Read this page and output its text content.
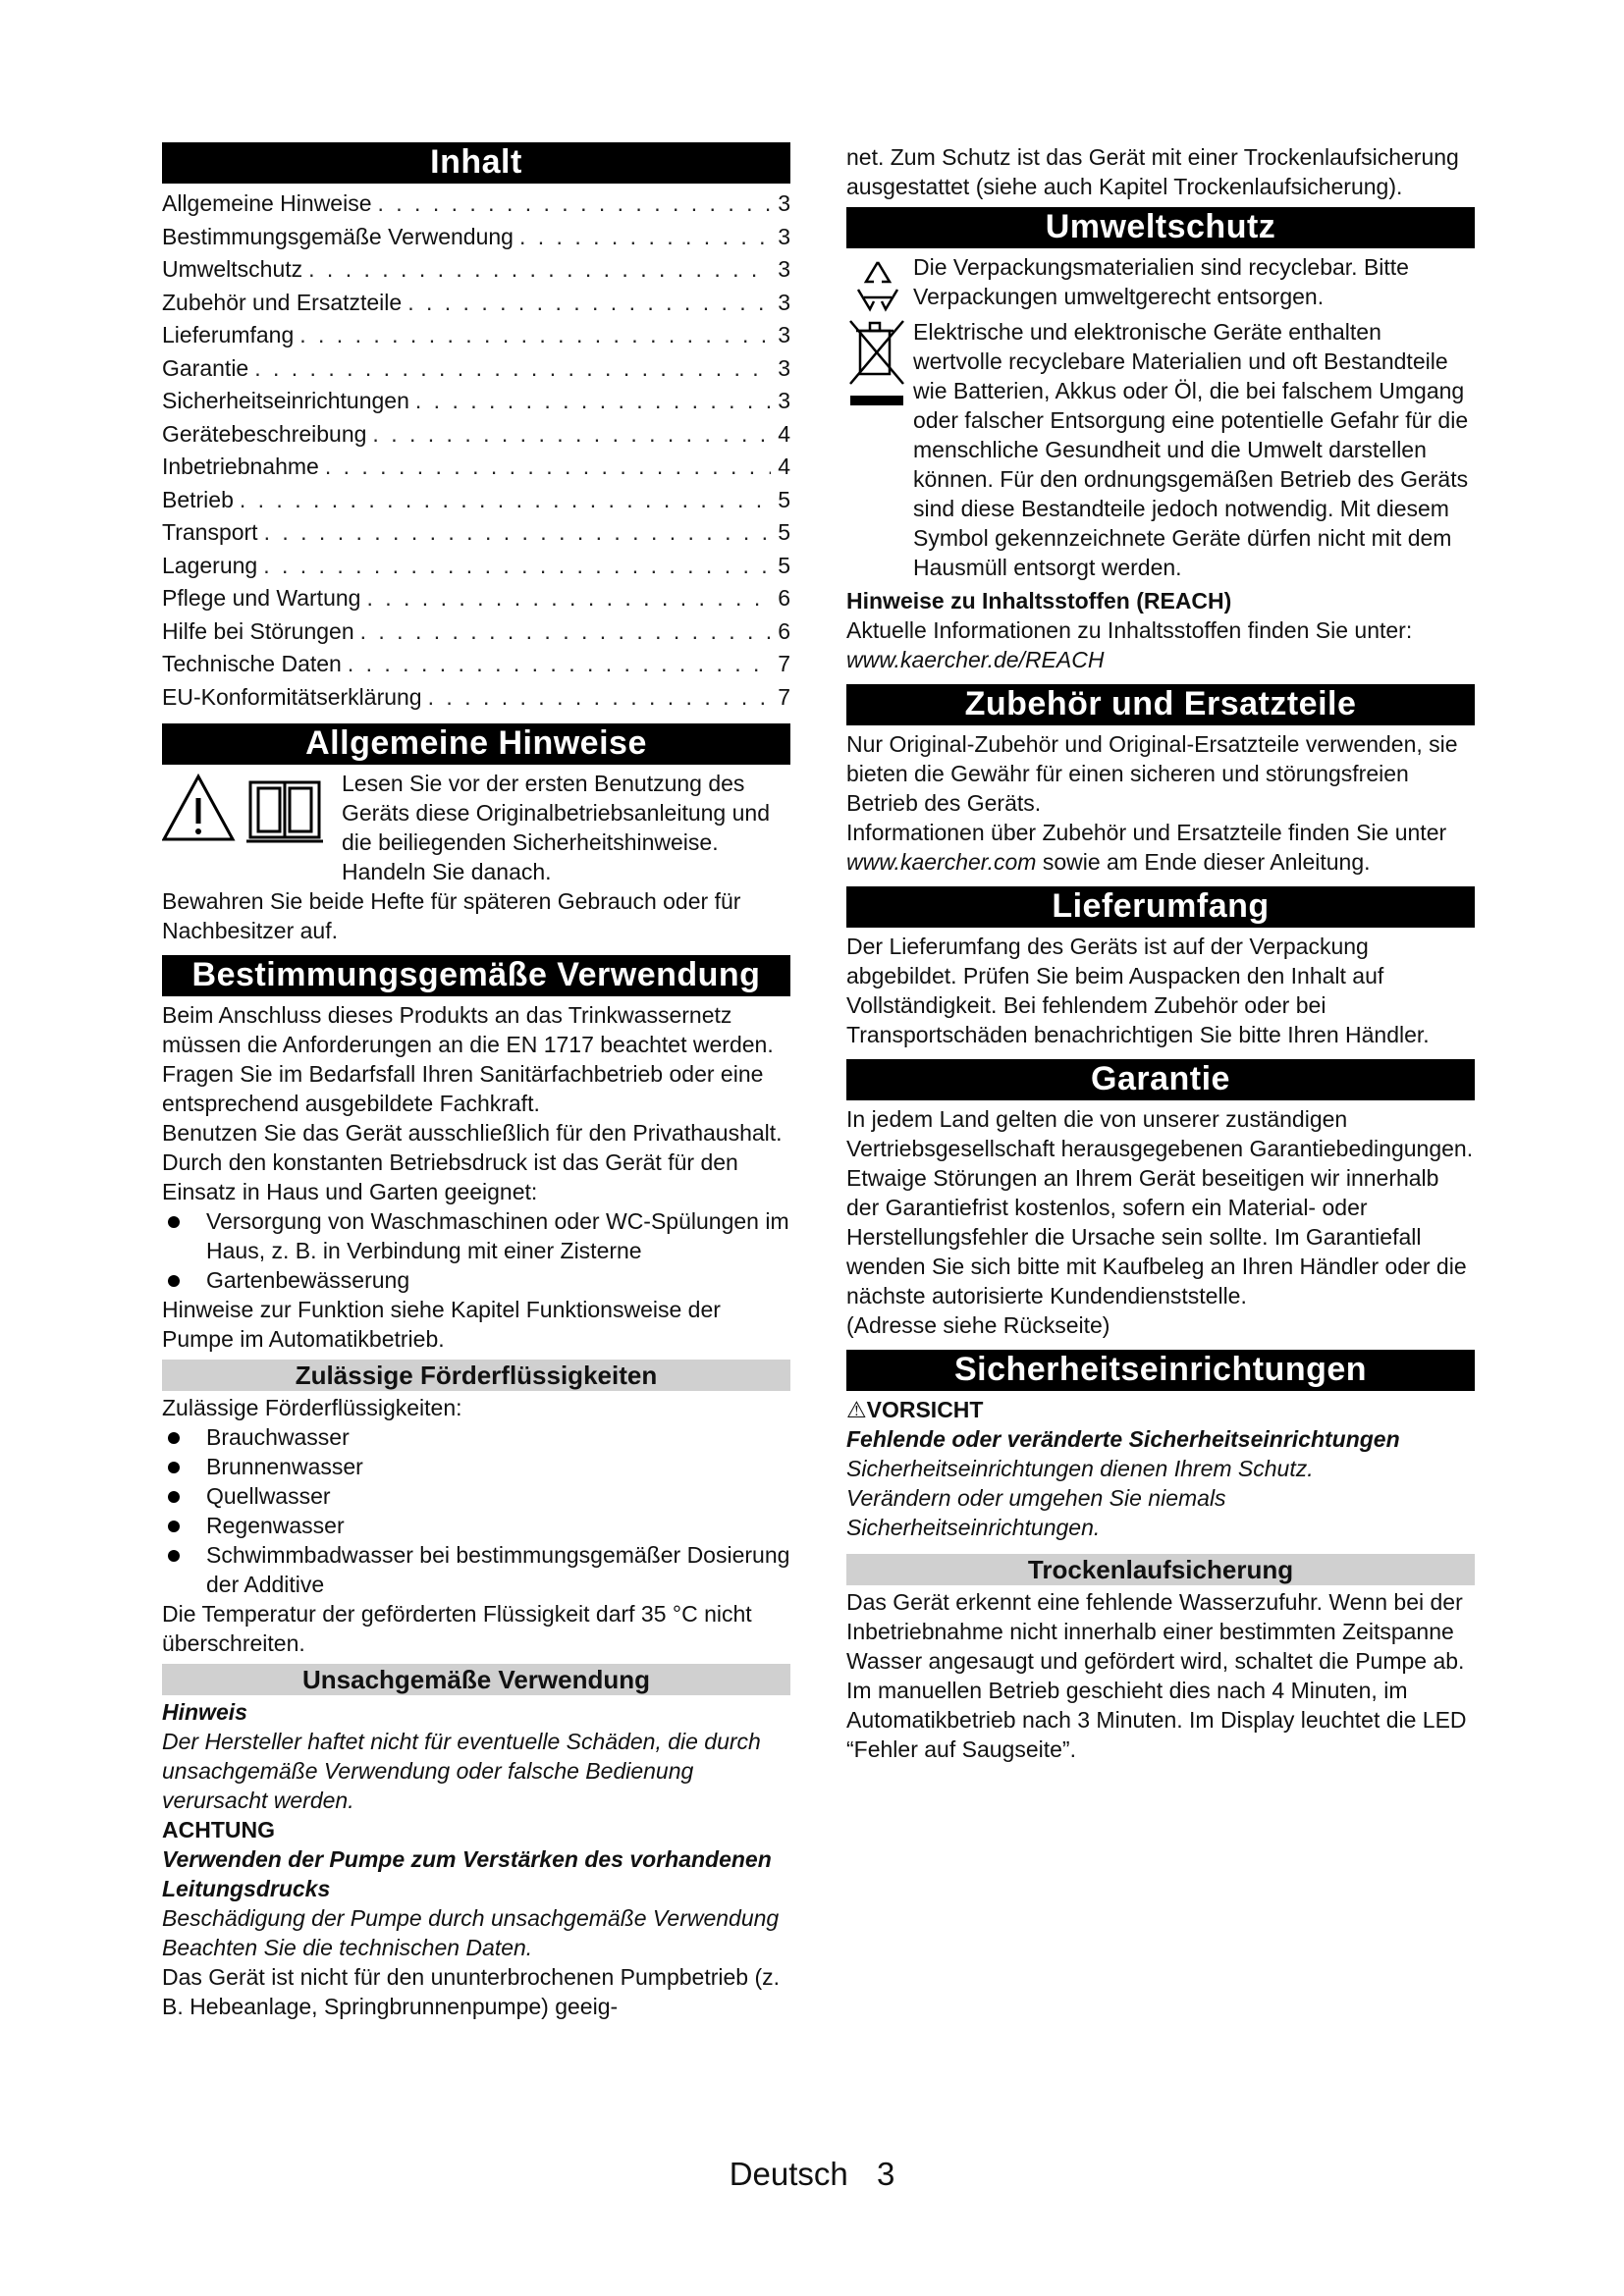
Inhalt
Allgemeine Hinweise . . .	3
Bestimmungsgemäße Verwendung . . .	3
Umweltschutz . . .	3
Zubehör und Ersatzteile . . .	3
Lieferumfang . . .	3
Garantie . . .	3
Sicherheitseinrichtungen . . .	3
Gerätebeschreibung . . .	4
Inbetriebnahme . . .	4
Betrieb . . .	5
Transport . . .	5
Lagerung . . .	5
Pflege und Wartung . . .	6
Hilfe bei Störungen . . .	6
Technische Daten . . .	7
EU-Konformitätserklärung . . .	7
Allgemeine Hinweise

Lesen Sie vor der ersten Benutzung des Geräts diese Originalbetriebsanleitung und die beiliegenden Sicherheitshinweise. Handeln Sie danach.

Bewahren Sie beide Hefte für späteren Gebrauch oder für Nachbesitzer auf.

Bestimmungsgemäße Verwendung

Beim Anschluss dieses Produkts an das Trinkwassernetz müssen die Anforderungen an die EN 1717 beachtet werden. Fragen Sie im Bedarfsfall Ihren Sanitärfachbetrieb oder eine entsprechend ausgebildete Fachkraft.

Benutzen Sie das Gerät ausschließlich für den Privathaushalt.

Durch den konstanten Betriebsdruck ist das Gerät für den Einsatz in Haus und Garten geeignet:

Versorgung von Waschmaschinen oder WC-Spülungen im Haus, z. B. in Verbindung mit einer Zisterne
Gartenbewässerung

Hinweise zur Funktion siehe Kapitel Funktionsweise der Pumpe im Automatikbetrieb.

Zulässige Förderflüssigkeiten

Zulässige Förderflüssigkeiten:

Brauchwasser
Brunnenwasser
Quellwasser
Regenwasser
Schwimmbadwasser bei bestimmungsgemäßer Dosierung der Additive

Die Temperatur der geförderten Flüssigkeit darf 35 °C nicht überschreiten.

Unsachgemäße Verwendung

Hinweis

Der Hersteller haftet nicht für eventuelle Schäden, die durch unsachgemäße Verwendung oder falsche Bedienung verursacht werden.

ACHTUNG

Verwenden der Pumpe zum Verstärken des vorhandenen Leitungsdrucks

Beschädigung der Pumpe durch unsachgemäße Verwendung

Beachten Sie die technischen Daten.

Das Gerät ist nicht für den ununterbrochenen Pumpbetrieb (z. B. Hebeanlage, Springbrunnenpumpe) geeig-

net. Zum Schutz ist das Gerät mit einer Trockenlaufsicherung ausgestattet (siehe auch Kapitel Trockenlaufsicherung).

Umweltschutz

Die Verpackungsmaterialien sind recyclebar. Bitte Verpackungen umweltgerecht entsorgen.

Elektrische und elektronische Geräte enthalten wertvolle recyclebare Materialien und oft Bestandteile wie Batterien, Akkus oder Öl, die bei falschem Umgang oder falscher Entsorgung eine potentielle Gefahr für die menschliche Gesundheit und die Umwelt darstellen können. Für den ordnungsgemäßen Betrieb des Geräts sind diese Bestandteile jedoch notwendig. Mit diesem Symbol gekennzeichnete Geräte dürfen nicht mit dem Hausmüll entsorgt werden.

Hinweise zu Inhaltsstoffen (REACH)

Aktuelle Informationen zu Inhaltsstoffen finden Sie unter: www.kaercher.de/REACH

Zubehör und Ersatzteile

Nur Original-Zubehör und Original-Ersatzteile verwenden, sie bieten die Gewähr für einen sicheren und störungsfreien Betrieb des Geräts.

Informationen über Zubehör und Ersatzteile finden Sie unter www.kaercher.com sowie am Ende dieser Anleitung.

Lieferumfang

Der Lieferumfang des Geräts ist auf der Verpackung abgebildet. Prüfen Sie beim Auspacken den Inhalt auf Vollständigkeit. Bei fehlendem Zubehör oder bei Transportschäden benachrichtigen Sie bitte Ihren Händler.

Garantie

In jedem Land gelten die von unserer zuständigen Vertriebsgesellschaft herausgegebenen Garantiebedingungen. Etwaige Störungen an Ihrem Gerät beseitigen wir innerhalb der Garantiefrist kostenlos, sofern ein Material- oder Herstellungsfehler die Ursache sein sollte. Im Garantiefall wenden Sie sich bitte mit Kaufbeleg an Ihren Händler oder die nächste autorisierte Kundendienststelle.

(Adresse siehe Rückseite)

Sicherheitseinrichtungen

⚠VORSICHT

Fehlende oder veränderte Sicherheitseinrichtungen

Sicherheitseinrichtungen dienen Ihrem Schutz.

Verändern oder umgehen Sie niemals Sicherheitseinrichtungen.

Trockenlaufsicherung

Das Gerät erkennt eine fehlende Wasserzufuhr. Wenn bei der Inbetriebnahme nicht innerhalb einer bestimmten Zeitspanne Wasser angesaugt und gefördert wird, schaltet die Pumpe ab. Im manuellen Betrieb geschieht dies nach 4 Minuten, im Automatikbetrieb nach 3 Minuten. Im Display leuchtet die LED “Fehler auf Saugseite”.

Deutsch 3
